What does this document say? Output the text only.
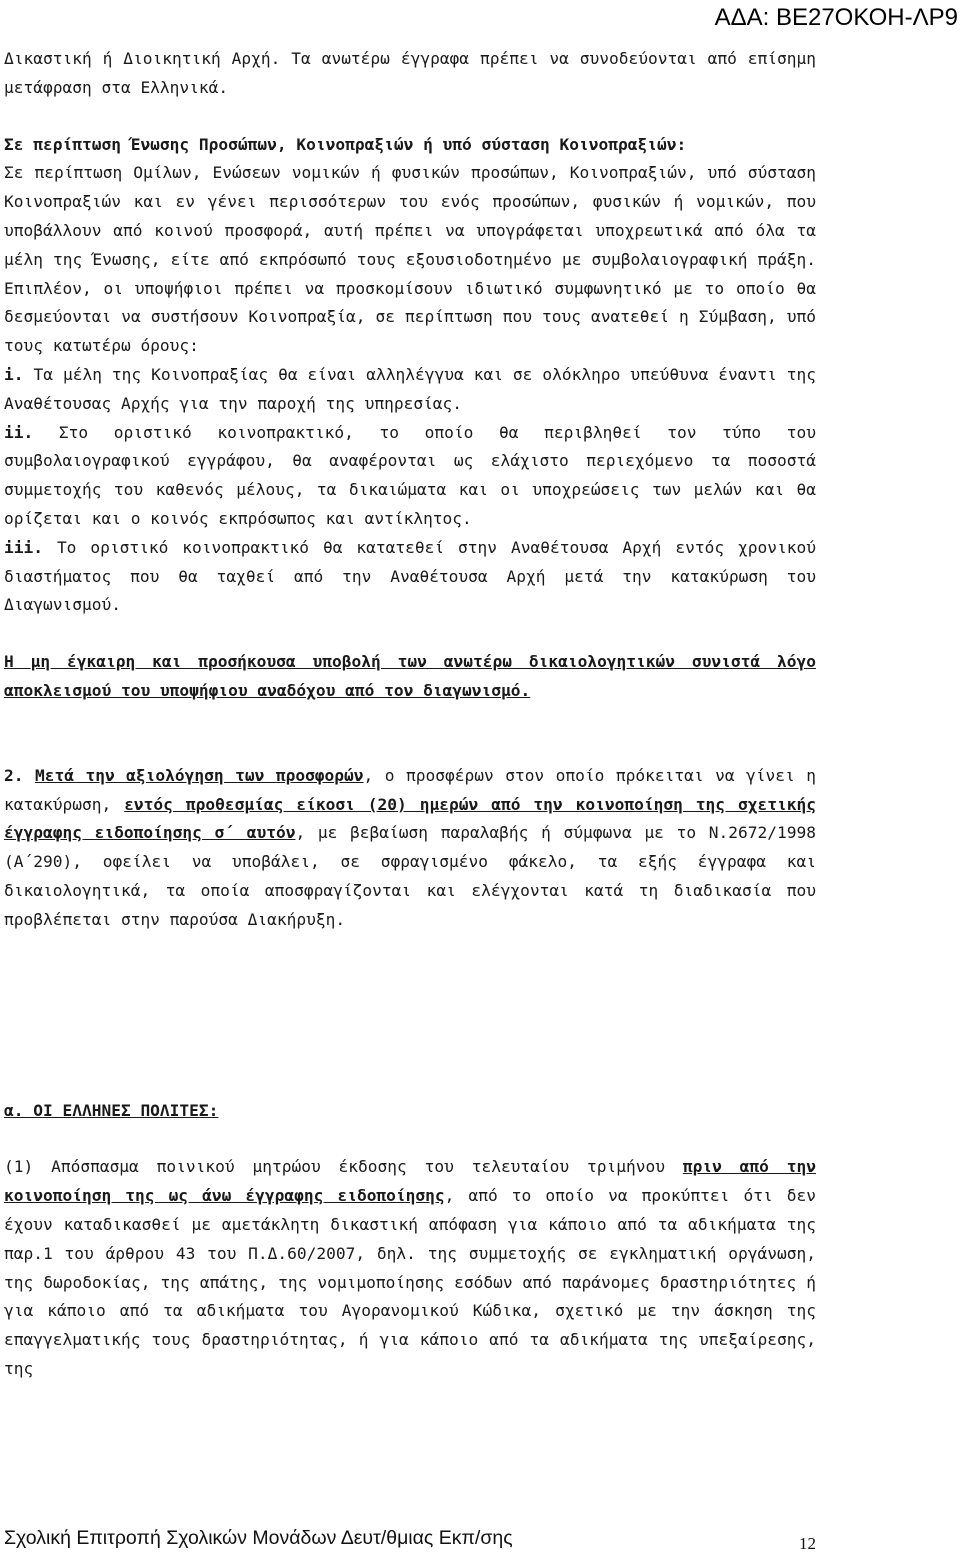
ΑΔΑ: ΒΕ27ΟΚΟΗ-ΛΡ9

Δικαστική ή Διοικητική Αρχή. Τα ανωτέρω έγγραφα πρέπει να συνοδεύονται από επίσημη μετάφραση στα Ελληνικά.

Σε περίπτωση Ένωσης Προσώπων, Κοινοπραξιών ή υπό σύσταση Κοινοπραξιών:

Σε περίπτωση Ομίλων, Ενώσεων νομικών ή φυσικών προσώπων, Κοινοπραξιών, υπό σύσταση Κοινοπραξιών και εν γένει περισσότερων του ενός προσώπων, φυσικών ή νομικών, που υποβάλλουν από κοινού προσφορά, αυτή πρέπει να υπογράφεται υποχρεωτικά από όλα τα μέλη της Ένωσης, είτε από εκπρόσωπό τους εξουσιοδοτημένο με συμβολαιογραφική πράξη. Επιπλέον, οι υποψήφιοι πρέπει να προσκομίσουν ιδιωτικό συμφωνητικό με το οποίο θα δεσμεύονται να συστήσουν Κοινοπραξία, σε περίπτωση που τους ανατεθεί η Σύμβαση, υπό τους κατωτέρω όρους:

i. Τα μέλη της Κοινοπραξίας θα είναι αλληλέγγυα και σε ολόκληρο υπεύθυνα έναντι της Αναθέτουσας Αρχής για την παροχή της υπηρεσίας.

ii. Στο οριστικό κοινοπρακτικό, το οποίο θα περιβληθεί τον τύπο του συμβολαιογραφικού εγγράφου, θα αναφέρονται ως ελάχιστο περιεχόμενο τα ποσοστά συμμετοχής του καθενός μέλους, τα δικαιώματα και οι υποχρεώσεις των μελών και θα ορίζεται και ο κοινός εκπρόσωπος και αντίκλητος.

iii. Το οριστικό κοινοπρακτικό θα κατατεθεί στην Αναθέτουσα Αρχή εντός χρονικού διαστήματος που θα ταχθεί από την Αναθέτουσα Αρχή μετά την κατακύρωση του Διαγωνισμού.

Η μη έγκαιρη και προσήκουσα υποβολή των ανωτέρω δικαιολογητικών συνιστά λόγο αποκλεισμού του υποψήφιου αναδόχου από τον διαγωνισμό.

2. Μετά την αξιολόγηση των προσφορών, ο προσφέρων στον οποίο πρόκειται να γίνει η κατακύρωση, εντός προθεσμίας είκοσι (20) ημερών από την κοινοποίηση της σχετικής έγγραφης ειδοποίησης σ΄ αυτόν, με βεβαίωση παραλαβής ή σύμφωνα με το Ν.2672/1998 (Α΄290), οφείλει να υποβάλει, σε σφραγισμένο φάκελο, τα εξής έγγραφα και δικαιολογητικά, τα οποία αποσφραγίζονται και ελέγχονται κατά τη διαδικασία που προβλέπεται στην παρούσα Διακήρυξη.

α. ΟΙ ΕΛΛΗΝΕΣ ΠΟΛΙΤΕΣ:

(1) Απόσπασμα ποινικού μητρώου έκδοσης του τελευταίου τριμήνου πριν από την κοινοποίηση της ως άνω έγγραφης ειδοποίησης, από το οποίο να προκύπτει ότι δεν έχουν καταδικασθεί με αμετάκλητη δικαστική απόφαση για κάποιο από τα αδικήματα της παρ.1 του άρθρου 43 του Π.Δ.60/2007, δηλ. της συμμετοχής σε εγκληματική οργάνωση, της δωροδοκίας, της απάτης, της νομιμοποίησης εσόδων από παράνομες δραστηριότητες ή για κάποιο από τα αδικήματα του Αγορανομικού Κώδικα, σχετικό με την άσκηση της επαγγελματικής τους δραστηριότητας, ή για κάποιο από τα αδικήματα της υπεξαίρεσης, της

Σχολική Επιτροπή Σχολικών Μονάδων Δευτ/θμιας Εκπ/σης	12
